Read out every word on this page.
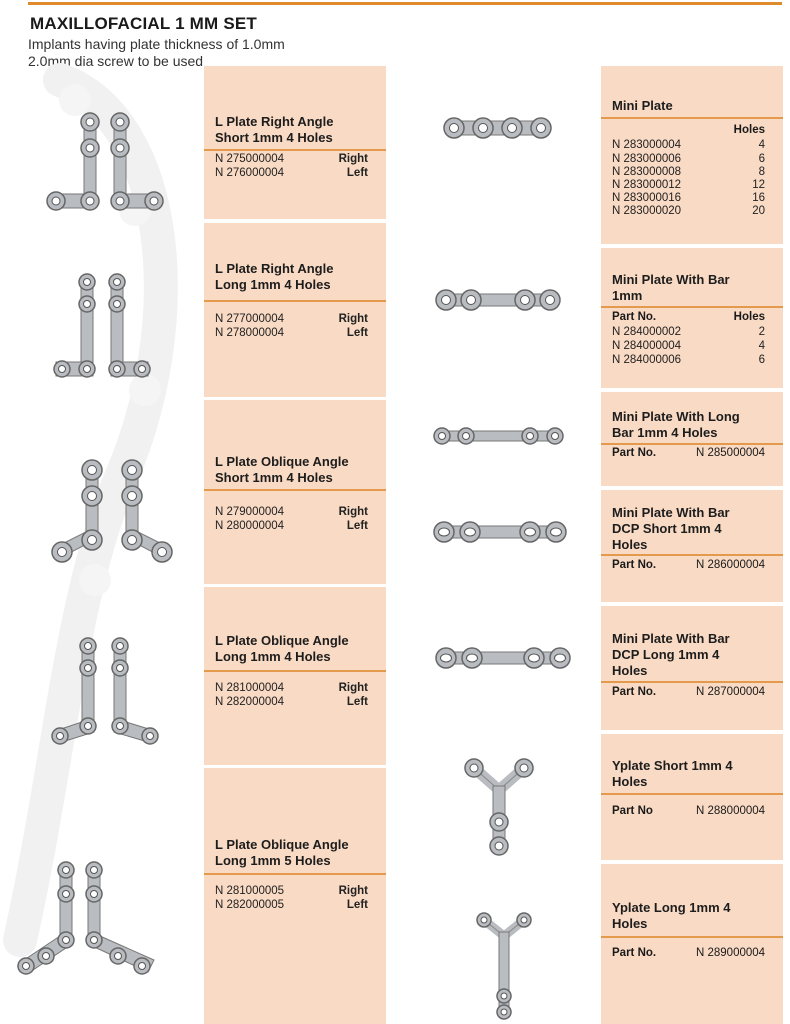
MAXILLOFACIAL 1 MM SET
Implants having plate thickness of 1.0mm
2.0mm dia screw to be used
L Plate Right Angle
Short 1mm 4 Holes
N 275000004	Right
N 276000004	Left
L Plate Right Angle
Long 1mm 4 Holes
N 277000004	Right
N 278000004	Left
L Plate Oblique Angle
Short 1mm 4 Holes
N 279000004	Right
N 280000004	Left
L Plate Oblique Angle
Long 1mm 4 Holes
N 281000004	Right
N 282000004	Left
L Plate Oblique Angle
Long 1mm 5 Holes
N 281000005	Right
N 282000005	Left
Mini Plate
Holes
N 283000004	4
N 283000006	6
N 283000008	8
N 283000012	12
N 283000016	16
N 283000020	20
Mini Plate With Bar
1mm
Part No.	Holes
N 284000002	2
N 284000004	4
N 284000006	6
Mini Plate With Long
Bar 1mm 4 Holes
Part No.	N 285000004
Mini Plate With Bar
DCP Short 1mm 4
Holes
Part No.	N 286000004
Mini Plate With Bar
DCP Long 1mm 4
Holes
Part No.	N 287000004
Yplate Short 1mm 4
Holes
Part No	N 288000004
Yplate Long 1mm 4
Holes
Part No.	N 289000004
